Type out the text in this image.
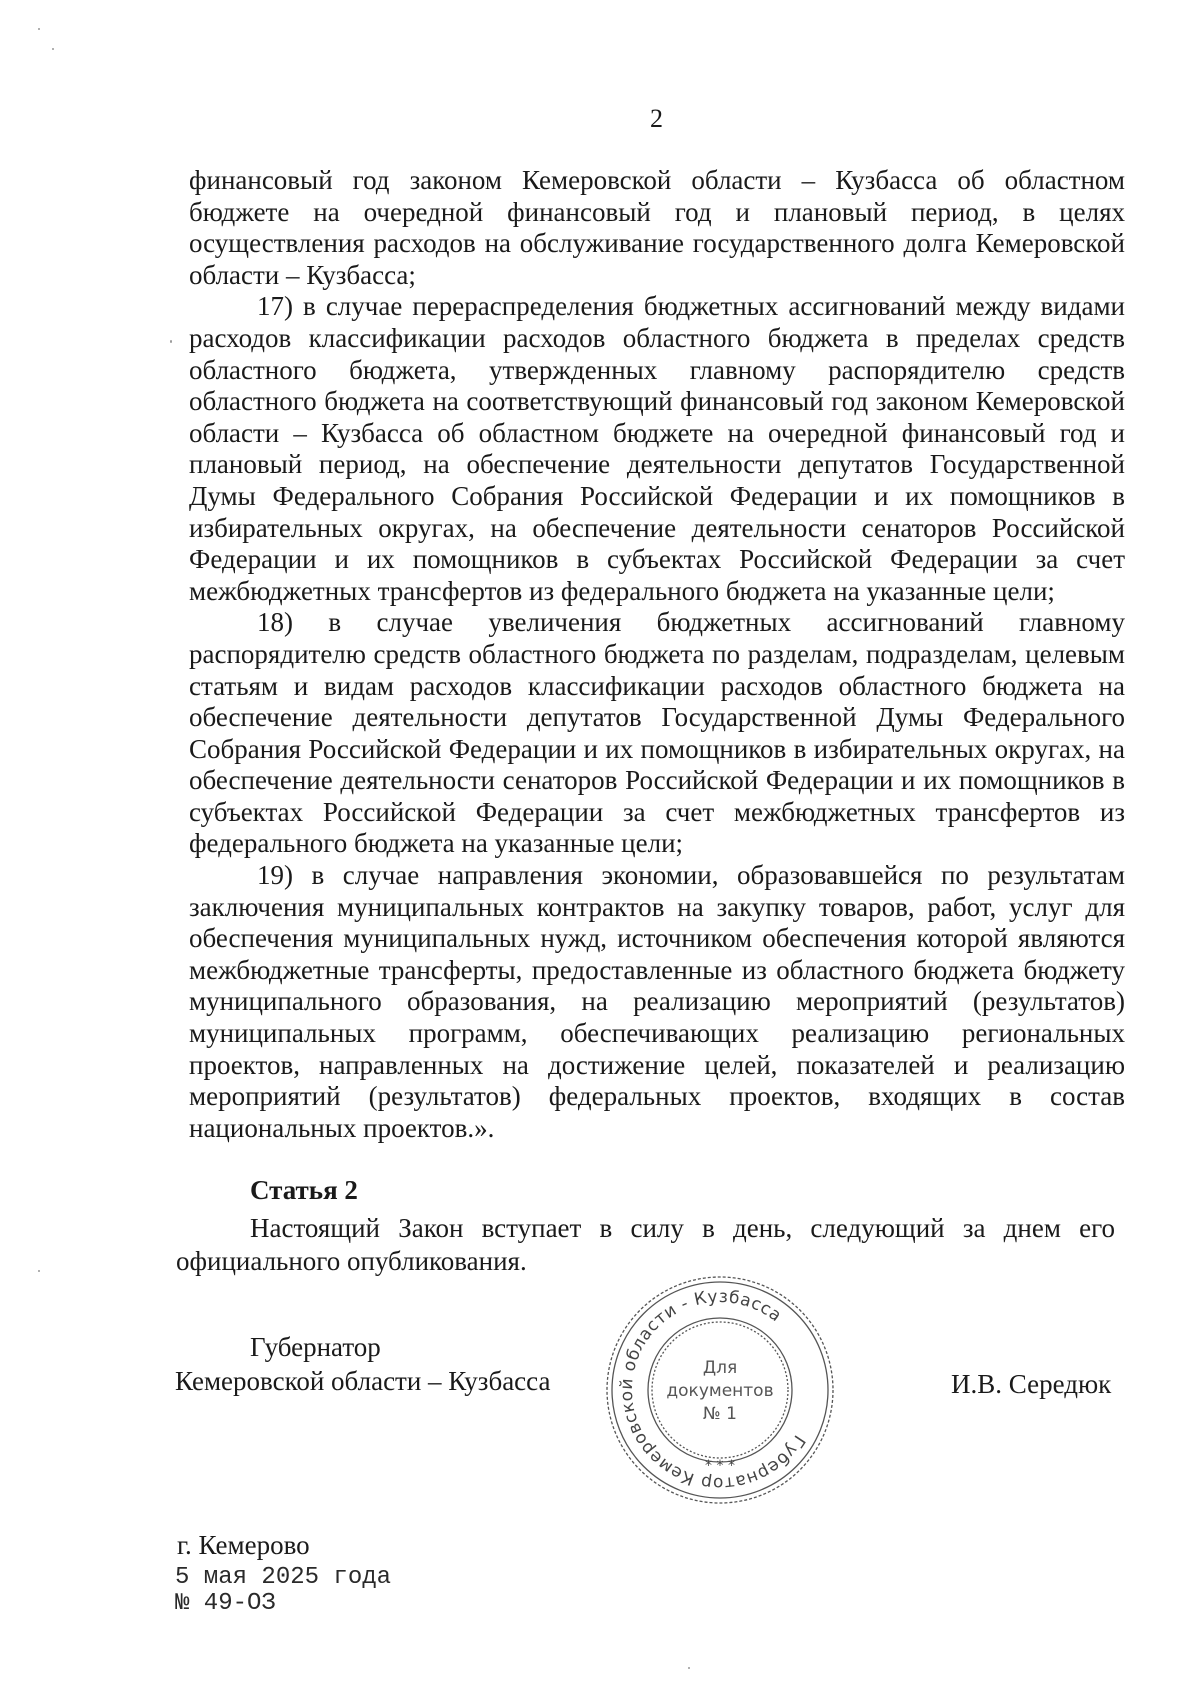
2

финансовый год законом Кемеровской области – Кузбасса об областном бюджете на очередной финансовый год и плановый период, в целях осуществления расходов на обслуживание государственного долга Кемеровской области – Кузбасса;

17) в случае перераспределения бюджетных ассигнований между видами расходов классификации расходов областного бюджета в пределах средств областного бюджета, утвержденных главному распорядителю средств областного бюджета на соответствующий финансовый год законом Кемеровской области – Кузбасса об областном бюджете на очередной финансовый год и плановый период, на обеспечение деятельности депутатов Государственной Думы Федерального Собрания Российской Федерации и их помощников в избирательных округах, на обеспечение деятельности сенаторов Российской Федерации и их помощников в субъектах Российской Федерации за счет межбюджетных трансфертов из федерального бюджета на указанные цели;

18) в случае увеличения бюджетных ассигнований главному распорядителю средств областного бюджета по разделам, подразделам, целевым статьям и видам расходов классификации расходов областного бюджета на обеспечение деятельности депутатов Государственной Думы Федерального Собрания Российской Федерации и их помощников в избирательных округах, на обеспечение деятельности сенаторов Российской Федерации и их помощников в субъектах Российской Федерации за счет межбюджетных трансфертов из федерального бюджета на указанные цели;

19) в случае направления экономии, образовавшейся по результатам заключения муниципальных контрактов на закупку товаров, работ, услуг для обеспечения муниципальных нужд, источником обеспечения которой являются межбюджетные трансферты, предоставленные из областного бюджета бюджету муниципального образования, на реализацию мероприятий (результатов) муниципальных программ, обеспечивающих реализацию региональных проектов, направленных на достижение целей, показателей и реализацию мероприятий (результатов) федеральных проектов, входящих в состав национальных проектов.».

Статья 2
Настоящий Закон вступает в силу в день, следующий за днем его официального опубликования.
Губернатор
Кемеровской области – Кузбасса	И.В. Середюк
Губернатор Кемеровской области - Кузбасса
* * *
Для
документов
№ 1
г. Кемерово
5 мая 2025 года
№ 49-ОЗ
